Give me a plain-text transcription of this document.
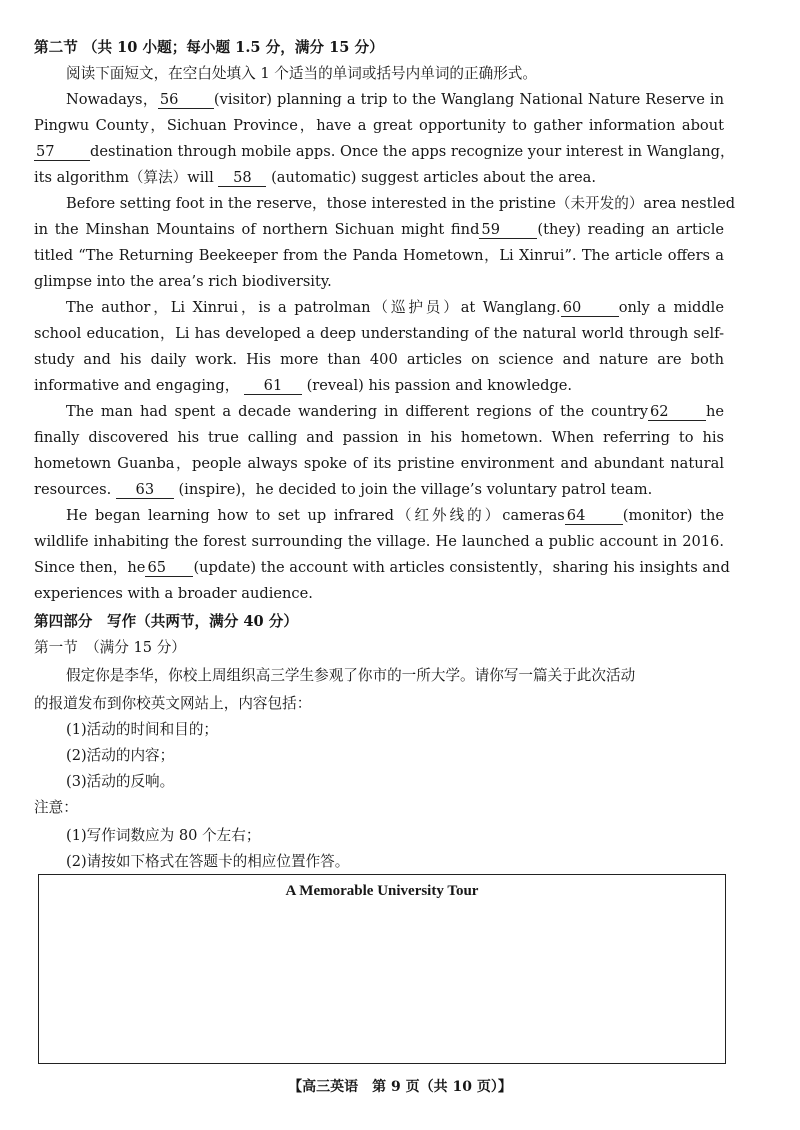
第二节 （共 10 小题；每小题 1.5 分，满分 15 分）
阅读下面短文，在空白处填入 1 个适当的单词或括号内单词的正确形式。
Nowadays， 56 (visitor) planning a trip to the Wanglang National Nature Reserve in
Pingwu County，Sichuan Province，have a great opportunity to gather information about
57 destination through mobile apps. Once the apps recognize your interest in Wanglang，
its algorithm（算法）will 58 (automatic) suggest articles about the area.
Before setting foot in the reserve，those interested in the pristine（未开发的）area nestled
in the Minshan Mountains of northern Sichuan might find 59	(they) reading an article
titled “The Returning Beekeeper from the Panda Hometown，Li Xinrui”. The article offers a
glimpse into the area’s rich biodiversity.
The author，Li Xinrui，is a patrolman（巡护员）at Wanglang. 60	only a middle
school education，Li has developed a deep understanding of the natural world through self-
study and his daily work. His more than 400 articles on science and nature are both
informative and engaging， 61 (reveal) his passion and knowledge.
The man had spent a decade wandering in different regions of the country 62	he
finally discovered his true calling and passion in his hometown. When referring to his
hometown Guanba，people always spoke of its pristine environment and abundant natural
resources. 63 (inspire)，he decided to join the village’s voluntary patrol team.
He began learning how to set up infrared（红外线的）cameras 64	(monitor) the
wildlife inhabiting the forest surrounding the village. He launched a public account in 2016.
Since then，he 65 (update) the account with articles consistently，sharing his insights and
experiences with a broader audience.
第四部分　写作（共两节，满分 40 分）
第一节　（满分 15 分）
假定你是李华，你校上周组织高三学生参观了你市的一所大学。请你写一篇关于此次活动
的报道发布到你校英文网站上，内容包括：
(1)活动的时间和目的；
(2)活动的内容；
(3)活动的反响。
注意：
(1)写作词数应为 80 个左右；
(2)请按如下格式在答题卡的相应位置作答。
A Memorable University Tour
【高三英语　第 9 页（共 10 页）】
